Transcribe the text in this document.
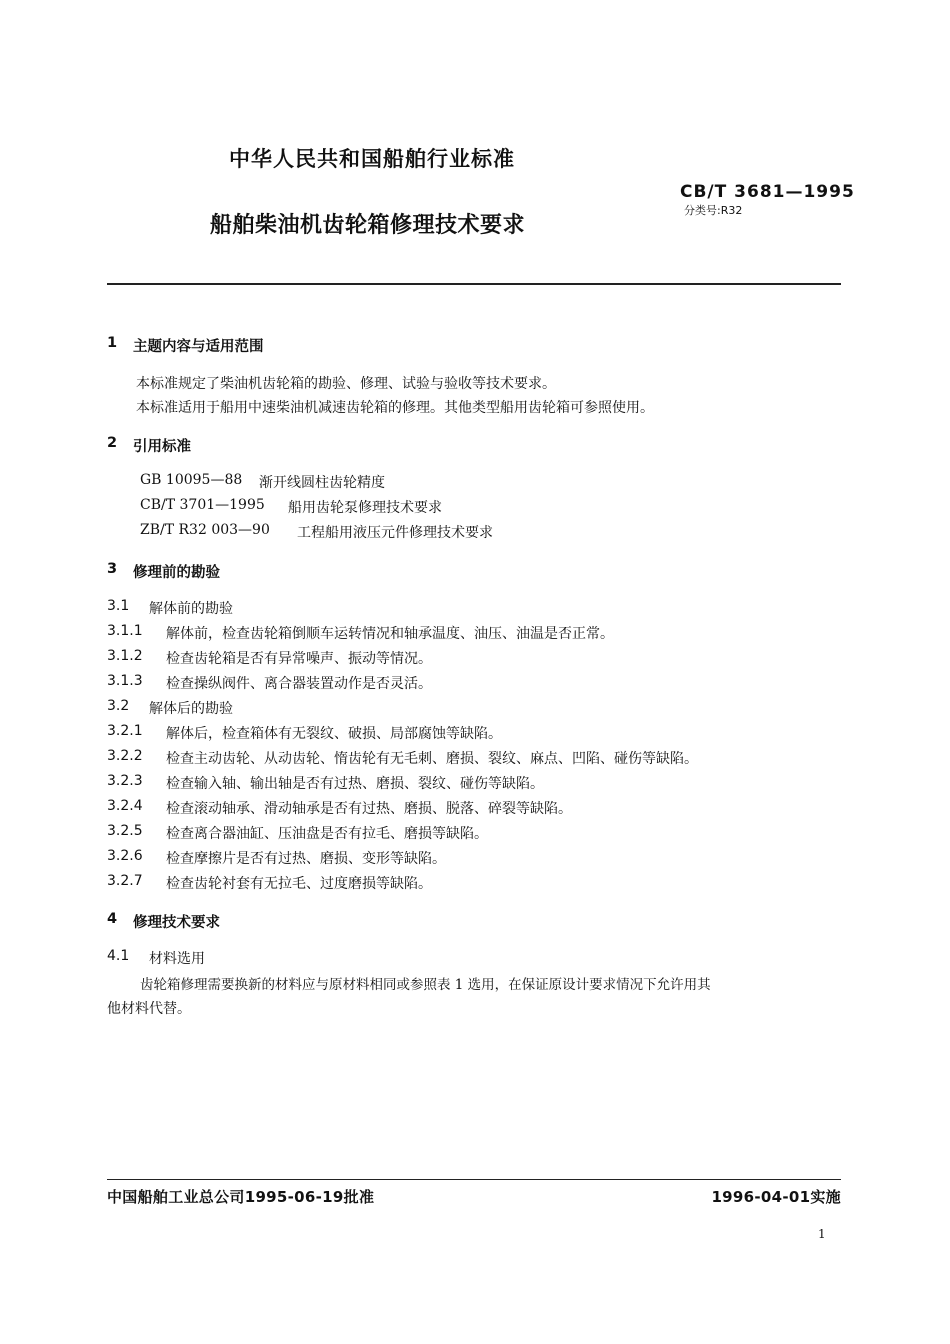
中华人民共和国船舶行业标准
CB/T 3681—1995
分类号:R32
船舶柴油机齿轮箱修理技术要求
1 主题内容与适用范围
本标准规定了柴油机齿轮箱的勘验、修理、试验与验收等技术要求。
本标准适用于船用中速柴油机减速齿轮箱的修理。其他类型船用齿轮箱可参照使用。
2 引用标准
GB 10095—88 渐开线圆柱齿轮精度
CB/T 3701—1995 船用齿轮泵修理技术要求
ZB/T R32 003—90 工程船用液压元件修理技术要求
3 修理前的勘验
3.1 解体前的勘验
3.1.1 解体前，检查齿轮箱倒顺车运转情况和轴承温度、油压、油温是否正常。
3.1.2 检查齿轮箱是否有异常噪声、振动等情况。
3.1.3 检查操纵阀件、离合器装置动作是否灵活。
3.2 解体后的勘验
3.2.1 解体后，检查箱体有无裂纹、破损、局部腐蚀等缺陷。
3.2.2 检查主动齿轮、从动齿轮、惰齿轮有无毛刺、磨损、裂纹、麻点、凹陷、碰伤等缺陷。
3.2.3 检查输入轴、输出轴是否有过热、磨损、裂纹、碰伤等缺陷。
3.2.4 检查滚动轴承、滑动轴承是否有过热、磨损、脱落、碎裂等缺陷。
3.2.5 检查离合器油缸、压油盘是否有拉毛、磨损等缺陷。
3.2.6 检查摩擦片是否有过热、磨损、变形等缺陷。
3.2.7 检查齿轮衬套有无拉毛、过度磨损等缺陷。
4 修理技术要求
4.1 材料选用
齿轮箱修理需要换新的材料应与原材料相同或参照表 1 选用，在保证原设计要求情况下允许用其
他材料代替。
中国船舶工业总公司1995-06-19批准	1996-04-01实施
1
